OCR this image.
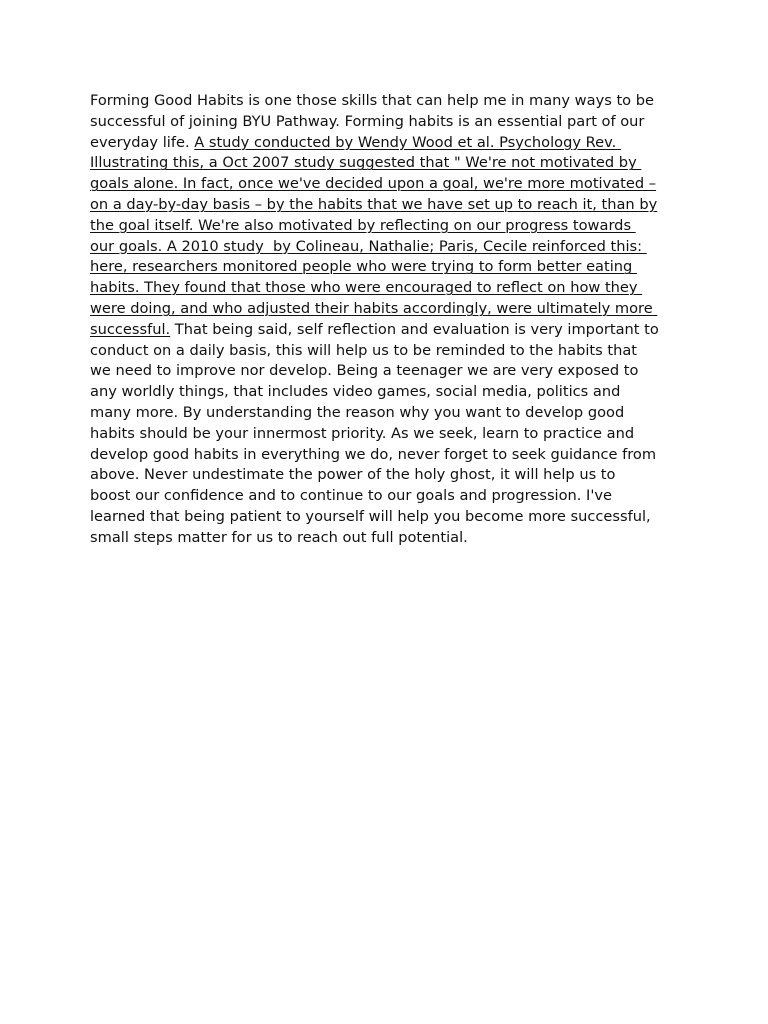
Forming Good Habits is one those skills that can help me in many ways to be
successful of joining BYU Pathway. Forming habits is an essential part of our
everyday life. A study conducted by Wendy Wood et al. Psychology Rev.
Illustrating this, a Oct 2007 study suggested that " We're not motivated by
goals alone. In fact, once we've decided upon a goal, we're more motivated –
on a day-by-day basis – by the habits that we have set up to reach it, than by
the goal itself. We're also motivated by reflecting on our progress towards
our goals. A 2010 study  by Colineau, Nathalie; Paris, Cecile reinforced this:
here, researchers monitored people who were trying to form better eating
habits. They found that those who were encouraged to reflect on how they
were doing, and who adjusted their habits accordingly, were ultimately more
successful. That being said, self reflection and evaluation is very important to
conduct on a daily basis, this will help us to be reminded to the habits that
we need to improve nor develop. Being a teenager we are very exposed to
any worldly things, that includes video games, social media, politics and
many more. By understanding the reason why you want to develop good
habits should be your innermost priority. As we seek, learn to practice and
develop good habits in everything we do, never forget to seek guidance from
above. Never undestimate the power of the holy ghost, it will help us to
boost our confidence and to continue to our goals and progression. I've
learned that being patient to yourself will help you become more successful,
small steps matter for us to reach out full potential.
